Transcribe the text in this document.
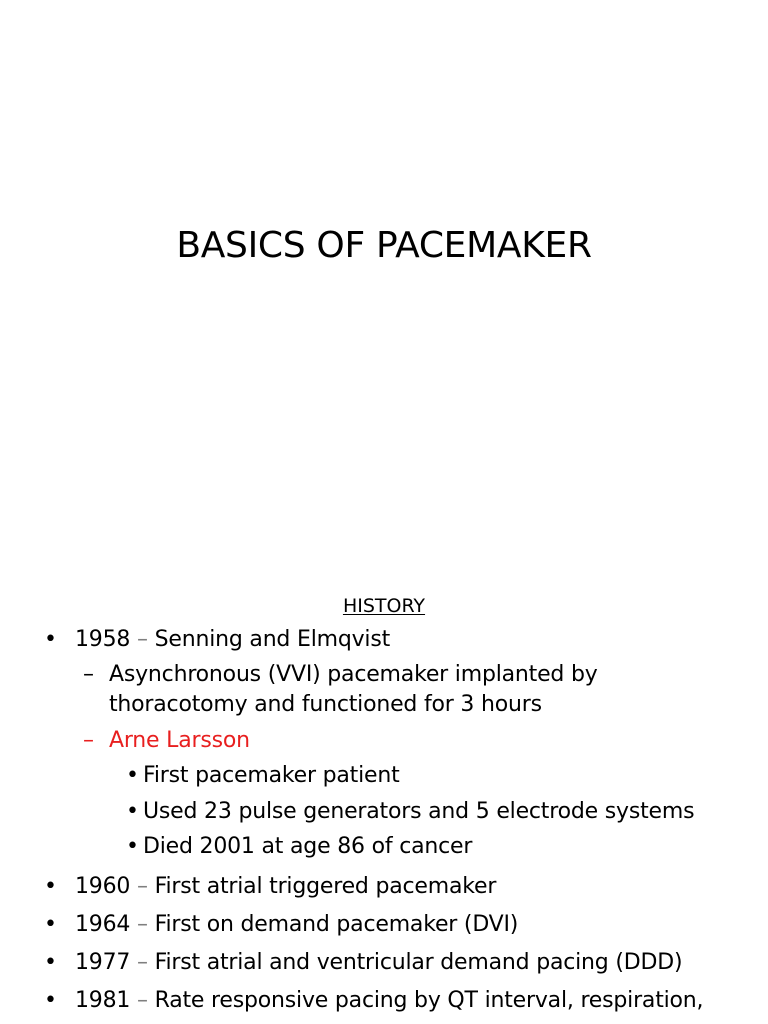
BASICS OF PACEMAKER
HISTORY
• 1958 – Senning and Elmqvist
– Asynchronous (VVI) pacemaker implanted by
thoracotomy and functioned for 3 hours
– Arne Larsson
• First pacemaker patient
• Used 23 pulse generators and 5 electrode systems
• Died 2001 at age 86 of cancer
• 1960 – First atrial triggered pacemaker
• 1964 – First on demand pacemaker (DVI)
• 1977 – First atrial and ventricular demand pacing (DDD)
• 1981 – Rate responsive pacing by QT interval, respiration,
